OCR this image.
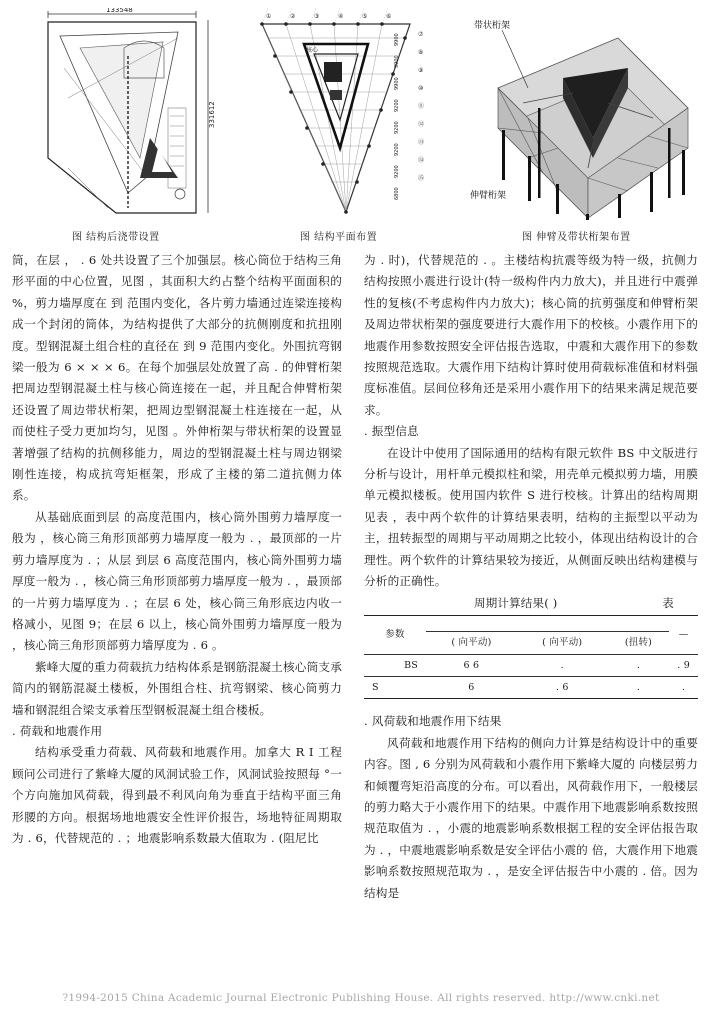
133548
331612
图 结构后浇带设置
①	②	③	④	⑤	⑥
⑦
⑧
⑨
⑩
⑪
⑫
⑬
⑭
⑮
9900
9900
9900
9200
9200
9200
9200
6800
核心
图 结构平面布置
带状桁架
伸臂桁架
图 伸臂及带状桁架布置

筒，在层 ， . 6 处共设置了三个加强层。核心筒位于结构三角形平面的中心位置，见图 ，其面积大约占整个结构平面面积的 %，剪力墙厚度在 到 范围内变化，各片剪力墙通过连梁连接构成一个封闭的筒体，为结构提供了大部分的抗侧刚度和抗扭刚度。型钢混凝土组合柱的直径在 到 9 范围内变化。外围抗弯钢梁一般为 6 × × × 6。在每个加强层处放置了高 . 的伸臂桁架把周边型钢混凝土柱与核心筒连接在一起，并且配合伸臂桁架还设置了周边带状桁架，把周边型钢混凝土柱连接在一起，从而使柱子受力更加均匀，见图 。外伸桁架与带状桁架的设置显著增强了结构的抗侧移能力，周边的型钢混凝土柱与周边钢梁刚性连接，构成抗弯矩框架，形成了主楼的第二道抗侧力体系。

从基础底面到层 的高度范围内，核心筒外围剪力墙厚度一般为 ，核心筒三角形顶部剪力墙厚度一般为 . ，最顶部的一片剪力墙厚度为 . ；从层 到层 6 高度范围内，核心筒外围剪力墙厚度一般为 . ，核心筒三角形顶部剪力墙厚度一般为 . ，最顶部的一片剪力墙厚度为 . ；在层 6 处，核心筒三角形底边内收一格减小，见图 9；在层 6 以上，核心筒外围剪力墙厚度一般为 ，核心筒三角形顶部剪力墙厚度为 . 6 。

紫峰大厦的重力荷载抗力结构体系是钢筋混凝土核心筒支承简内的钢筋混凝土楼板，外围组合柱、抗弯钢梁、核心筒剪力墙和钢混组合梁支承着压型钢板混凝土组合楼板。

. 荷载和地震作用

结构承受重力荷载、风荷载和地震作用。加拿大 R I 工程顾问公司进行了紫峰大厦的风洞试验工作，风洞试验按照每 °一个方向施加风荷载，得到最不利风向角为垂直于结构平面三角形腰的方向。根据场地地震安全性评价报告，场地特征周期取为 . 6，代替规范的 . ；地震影响系数最大值取为 . (阻尼比

为 . 时)，代替规范的 . 。主楼结构抗震等级为特一级，抗侧力结构按照小震进行设计(特一级构件内力放大)，并且进行中震弹性的复核(不考虑构件内力放大)；核心筒的抗剪强度和伸臂桁架及周边带状桁架的强度要进行大震作用下的校核。小震作用下的地震作用参数按照安全评估报告选取，中震和大震作用下的参数按照规范选取。大震作用下结构计算时使用荷载标准值和材料强度标准值。层间位移角还是采用小震作用下的结果来满足规范要求。

. 振型信息

在设计中使用了国际通用的结构有限元软件 BS 中文版进行分析与设计，用杆单元模拟柱和梁，用壳单元模拟剪力墙，用膜单元模拟楼板。使用国内软件 S 进行校核。计算出的结构周期见表 ，表中两个软件的计算结果表明，结构的主振型以平动为主，扭转振型的周期与平动周期之比较小，体现出结构设计的合理性。两个软件的计算结果较为接近，从侧面反映出结构建模与分析的正确性。

周期计算结果( )	表
参数				—
	( 向平动)	( 向平动)	(扭转)	
BS	6 6	.	.	. 9
S	6	. 6	.	.

. 风荷载和地震作用下结果

风荷载和地震作用下结构的侧向力计算是结构设计中的重要内容。图 , 6 分别为风荷载和小震作用下紫峰大厦的 向楼层剪力和倾覆弯矩沿高度的分布。可以看出，风荷载作用下，一般楼层的剪力略大于小震作用下的结果。中震作用下地震影响系数按照规范取值为 . ，小震的地震影响系数根据工程的安全评估报告取为 . ，中震地震影响系数是安全评估小震的 倍，大震作用下地震影响系数按照规范取为 . ，是安全评估报告中小震的 . 倍。因为结构是

?1994-2015 China Academic Journal Electronic Publishing House. All rights reserved. http://www.cnki.net
